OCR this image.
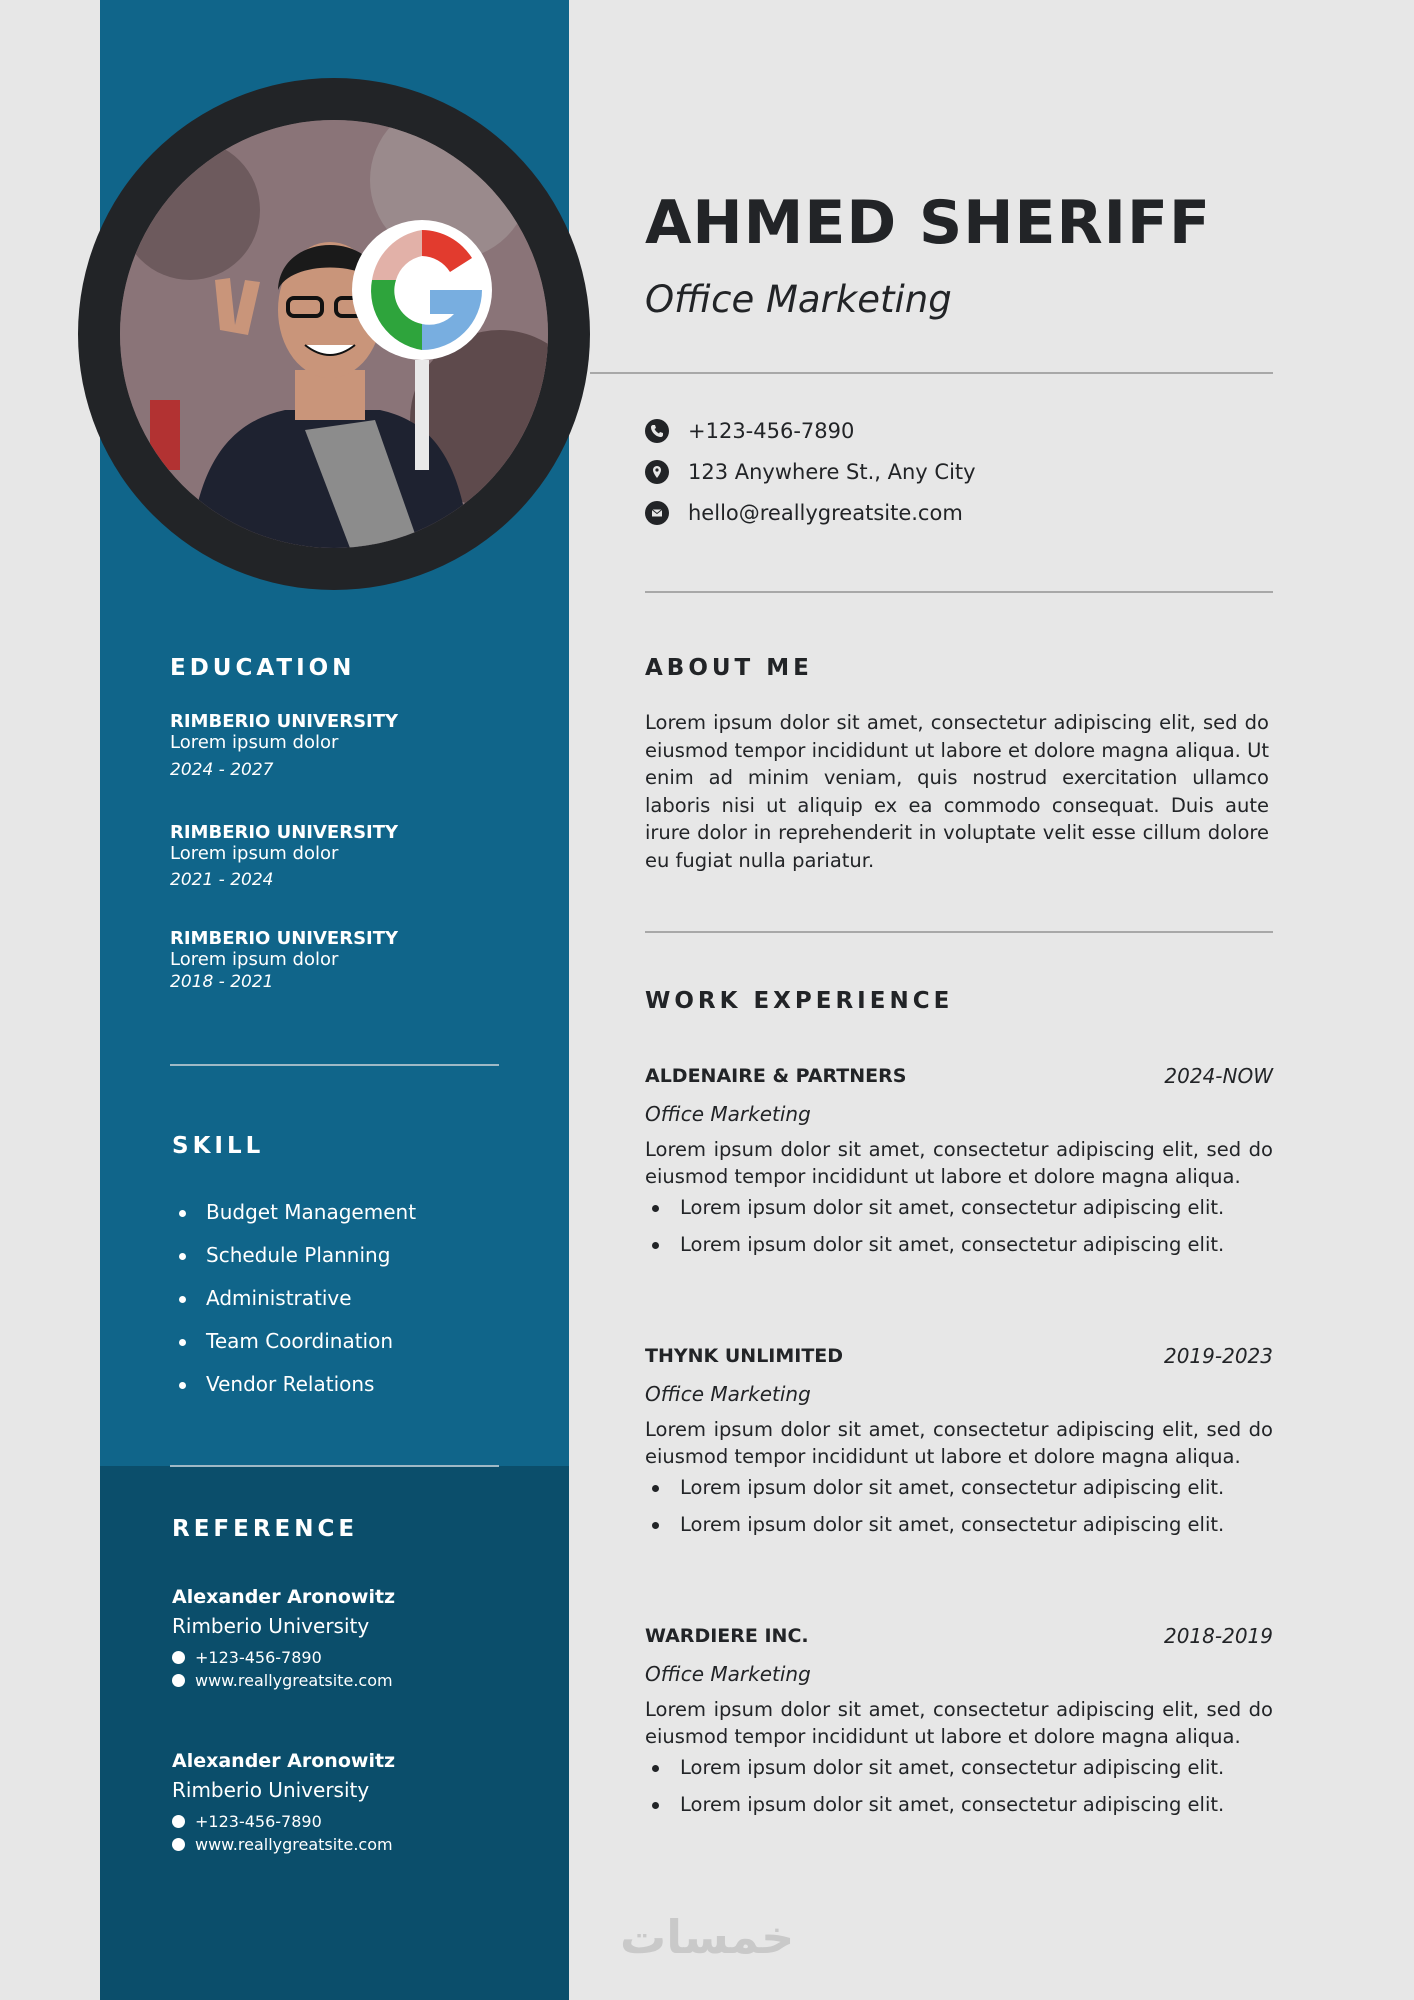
AHMED SHERIFF

Office Marketing

+123-456-7890
123 Anywhere St., Any City
hello@reallygreatsite.com
ABOUT ME

Lorem ipsum dolor sit amet, consectetur adipiscing elit, sed do eiusmod tempor incididunt ut labore et dolore magna aliqua. Ut enim ad minim veniam, quis nostrud exercitation ullamco laboris nisi ut aliquip ex ea commodo consequat. Duis aute irure dolor in reprehenderit in voluptate velit esse cillum dolore eu fugiat nulla pariatur.

EDUCATION
RIMBERIO UNIVERSITY
Lorem ipsum dolor
2024 - 2027
RIMBERIO UNIVERSITY
Lorem ipsum dolor
2021 - 2024
RIMBERIO UNIVERSITY
Lorem ipsum dolor
2018 - 2021
SKILL
Budget Management
Schedule Planning
Administrative
Team Coordination
Vendor Relations
REFERENCE
Alexander Aronowitz
Rimberio University
+123-456-7890
www.reallygreatsite.com
Alexander Aronowitz
Rimberio University
+123-456-7890
www.reallygreatsite.com
WORK EXPERIENCE
ALDENAIRE & PARTNERS	2024-NOW
Office Marketing

Lorem ipsum dolor sit amet, consectetur adipiscing elit, sed do eiusmod tempor incididunt ut labore et dolore magna aliqua.

Lorem ipsum dolor sit amet, consectetur adipiscing elit.
Lorem ipsum dolor sit amet, consectetur adipiscing elit.
THYNK UNLIMITED	2019-2023
Office Marketing

Lorem ipsum dolor sit amet, consectetur adipiscing elit, sed do eiusmod tempor incididunt ut labore et dolore magna aliqua.

Lorem ipsum dolor sit amet, consectetur adipiscing elit.
Lorem ipsum dolor sit amet, consectetur adipiscing elit.
WARDIERE INC.	2018-2019
Office Marketing

Lorem ipsum dolor sit amet, consectetur adipiscing elit, sed do eiusmod tempor incididunt ut labore et dolore magna aliqua.

Lorem ipsum dolor sit amet, consectetur adipiscing elit.
Lorem ipsum dolor sit amet, consectetur adipiscing elit.
خمسات
